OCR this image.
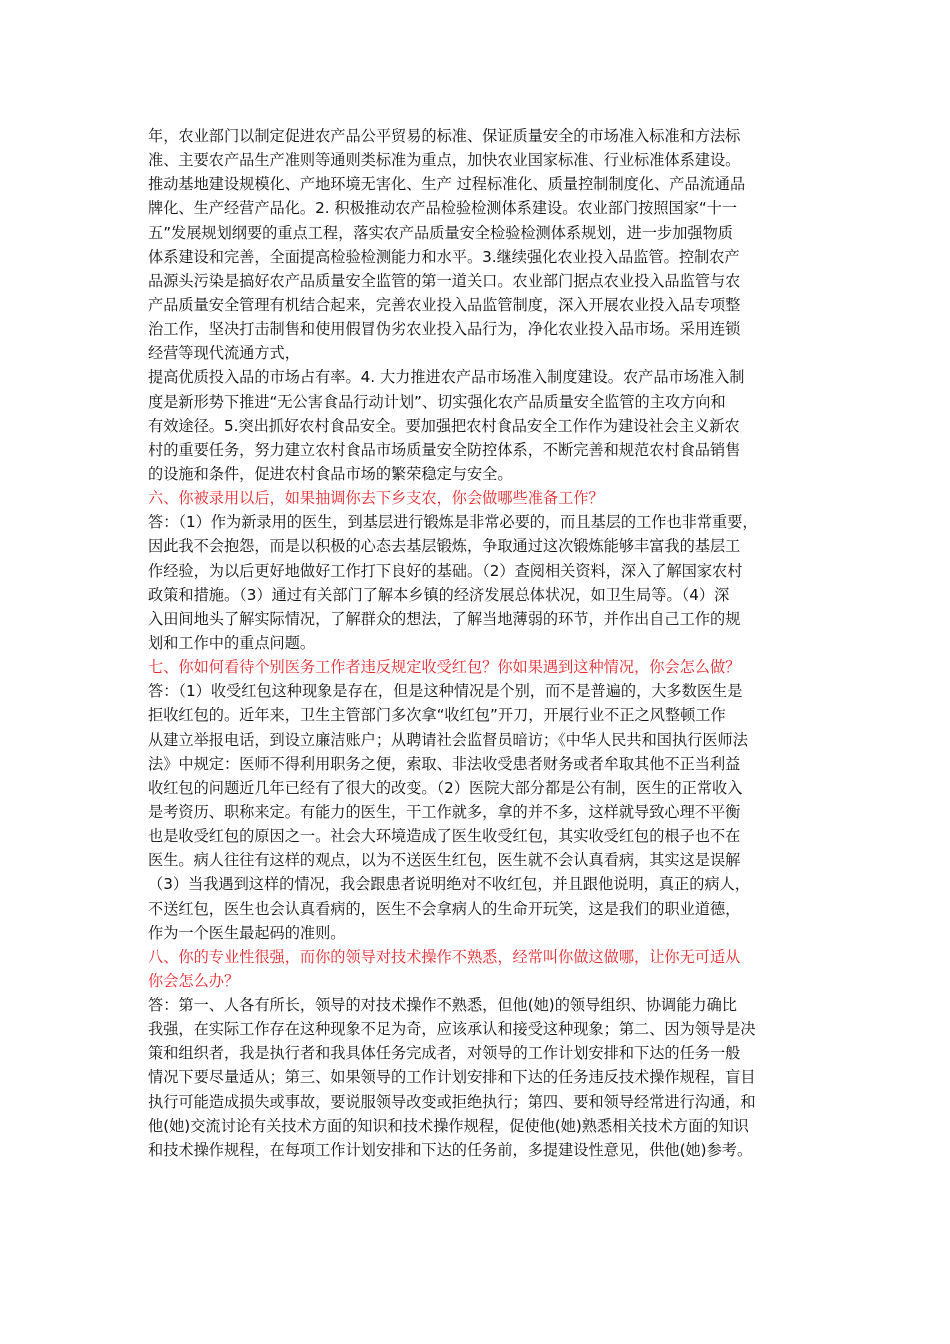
年，农业部门以制定促进农产品公平贸易的标准、保证质量安全的市场准入标准和方法标
准、主要农产品生产准则等通则类标准为重点，加快农业国家标准、行业标准体系建设。
推动基地建设规模化、产地环境无害化、生产 过程标准化、质量控制制度化、产品流通品
牌化、生产经营产品化。2. 积极推动农产品检验检测体系建设。农业部门按照国家“十一
五”发展规划纲要的重点工程，落实农产品质量安全检验检测体系规划，进一步加强物质
体系建设和完善，全面提高检验检测能力和水平。3.继续强化农业投入品监管。控制农产
品源头污染是搞好农产品质量安全监管的第一道关口。农业部门据点农业投入品监管与农
产品质量安全管理有机结合起来，完善农业投入品监管制度，深入开展农业投入品专项整
治工作，坚决打击制售和使用假冒伪劣农业投入品行为，净化农业投入品市场。采用连锁
经营等现代流通方式，
提高优质投入品的市场占有率。4. 大力推进农产品市场准入制度建设。农产品市场准入制
度是新形势下推进“无公害食品行动计划”、切实强化农产品质量安全监管的主攻方向和
有效途径。5.突出抓好农村食品安全。要加强把农村食品安全工作作为建设社会主义新农
村的重要任务，努力建立农村食品市场质量安全防控体系，不断完善和规范农村食品销售
的设施和条件，促进农村食品市场的繁荣稳定与安全。
六、你被录用以后，如果抽调你去下乡支农，你会做哪些准备工作？
答：（1）作为新录用的医生，到基层进行锻炼是非常必要的，而且基层的工作也非常重要，
因此我不会抱怨，而是以积极的心态去基层锻炼，争取通过这次锻炼能够丰富我的基层工
作经验，为以后更好地做好工作打下良好的基础。（2）查阅相关资料，深入了解国家农村
政策和措施。（3）通过有关部门了解本乡镇的经济发展总体状况，如卫生局等。（4）深
入田间地头了解实际情况，了解群众的想法，了解当地薄弱的环节，并作出自己工作的规
划和工作中的重点问题。
七、你如何看待个别医务工作者违反规定收受红包？你如果遇到这种情况，你会怎么做？
答：（1）收受红包这种现象是存在，但是这种情况是个别，而不是普遍的，大多数医生是
拒收红包的。近年来，卫生主管部门多次拿“收红包”开刀，开展行业不正之风整顿工作
从建立举报电话，到设立廉洁账户；从聘请社会监督员暗访；《中华人民共和国执行医师法
法》中规定：医师不得利用职务之便，索取、非法收受患者财务或者牟取其他不正当利益
收红包的问题近几年已经有了很大的改变。（2）医院大部分都是公有制，医生的正常收入
是考资历、职称来定。有能力的医生，干工作就多，拿的并不多，这样就导致心理不平衡
也是收受红包的原因之一。社会大环境造成了医生收受红包，其实收受红包的根子也不在
医生。病人往往有这样的观点，以为不送医生红包，医生就不会认真看病，其实这是误解
（3）当我遇到这样的情况，我会跟患者说明绝对不收红包，并且跟他说明，真正的病人，
不送红包，医生也会认真看病的，医生不会拿病人的生命开玩笑，这是我们的职业道德，
作为一个医生最起码的准则。
八、你的专业性很强，而你的领导对技术操作不熟悉，经常叫你做这做哪，让你无可适从
你会怎么办？
答：第一、人各有所长，领导的对技术操作不熟悉，但他(她)的领导组织、协调能力确比
我强，在实际工作存在这种现象不足为奇，应该承认和接受这种现象；第二、因为领导是决
策和组织者，我是执行者和我具体任务完成者，对领导的工作计划安排和下达的任务一般
情况下要尽量适从；第三、如果领导的工作计划安排和下达的任务违反技术操作规程，盲目
执行可能造成损失或事故，要说服领导改变或拒绝执行；第四、要和领导经常进行沟通，和
他(她)交流讨论有关技术方面的知识和技术操作规程，促使他(她)熟悉相关技术方面的知识
和技术操作规程，在每项工作计划安排和下达的任务前，多提建设性意见，供他(她)参考。
